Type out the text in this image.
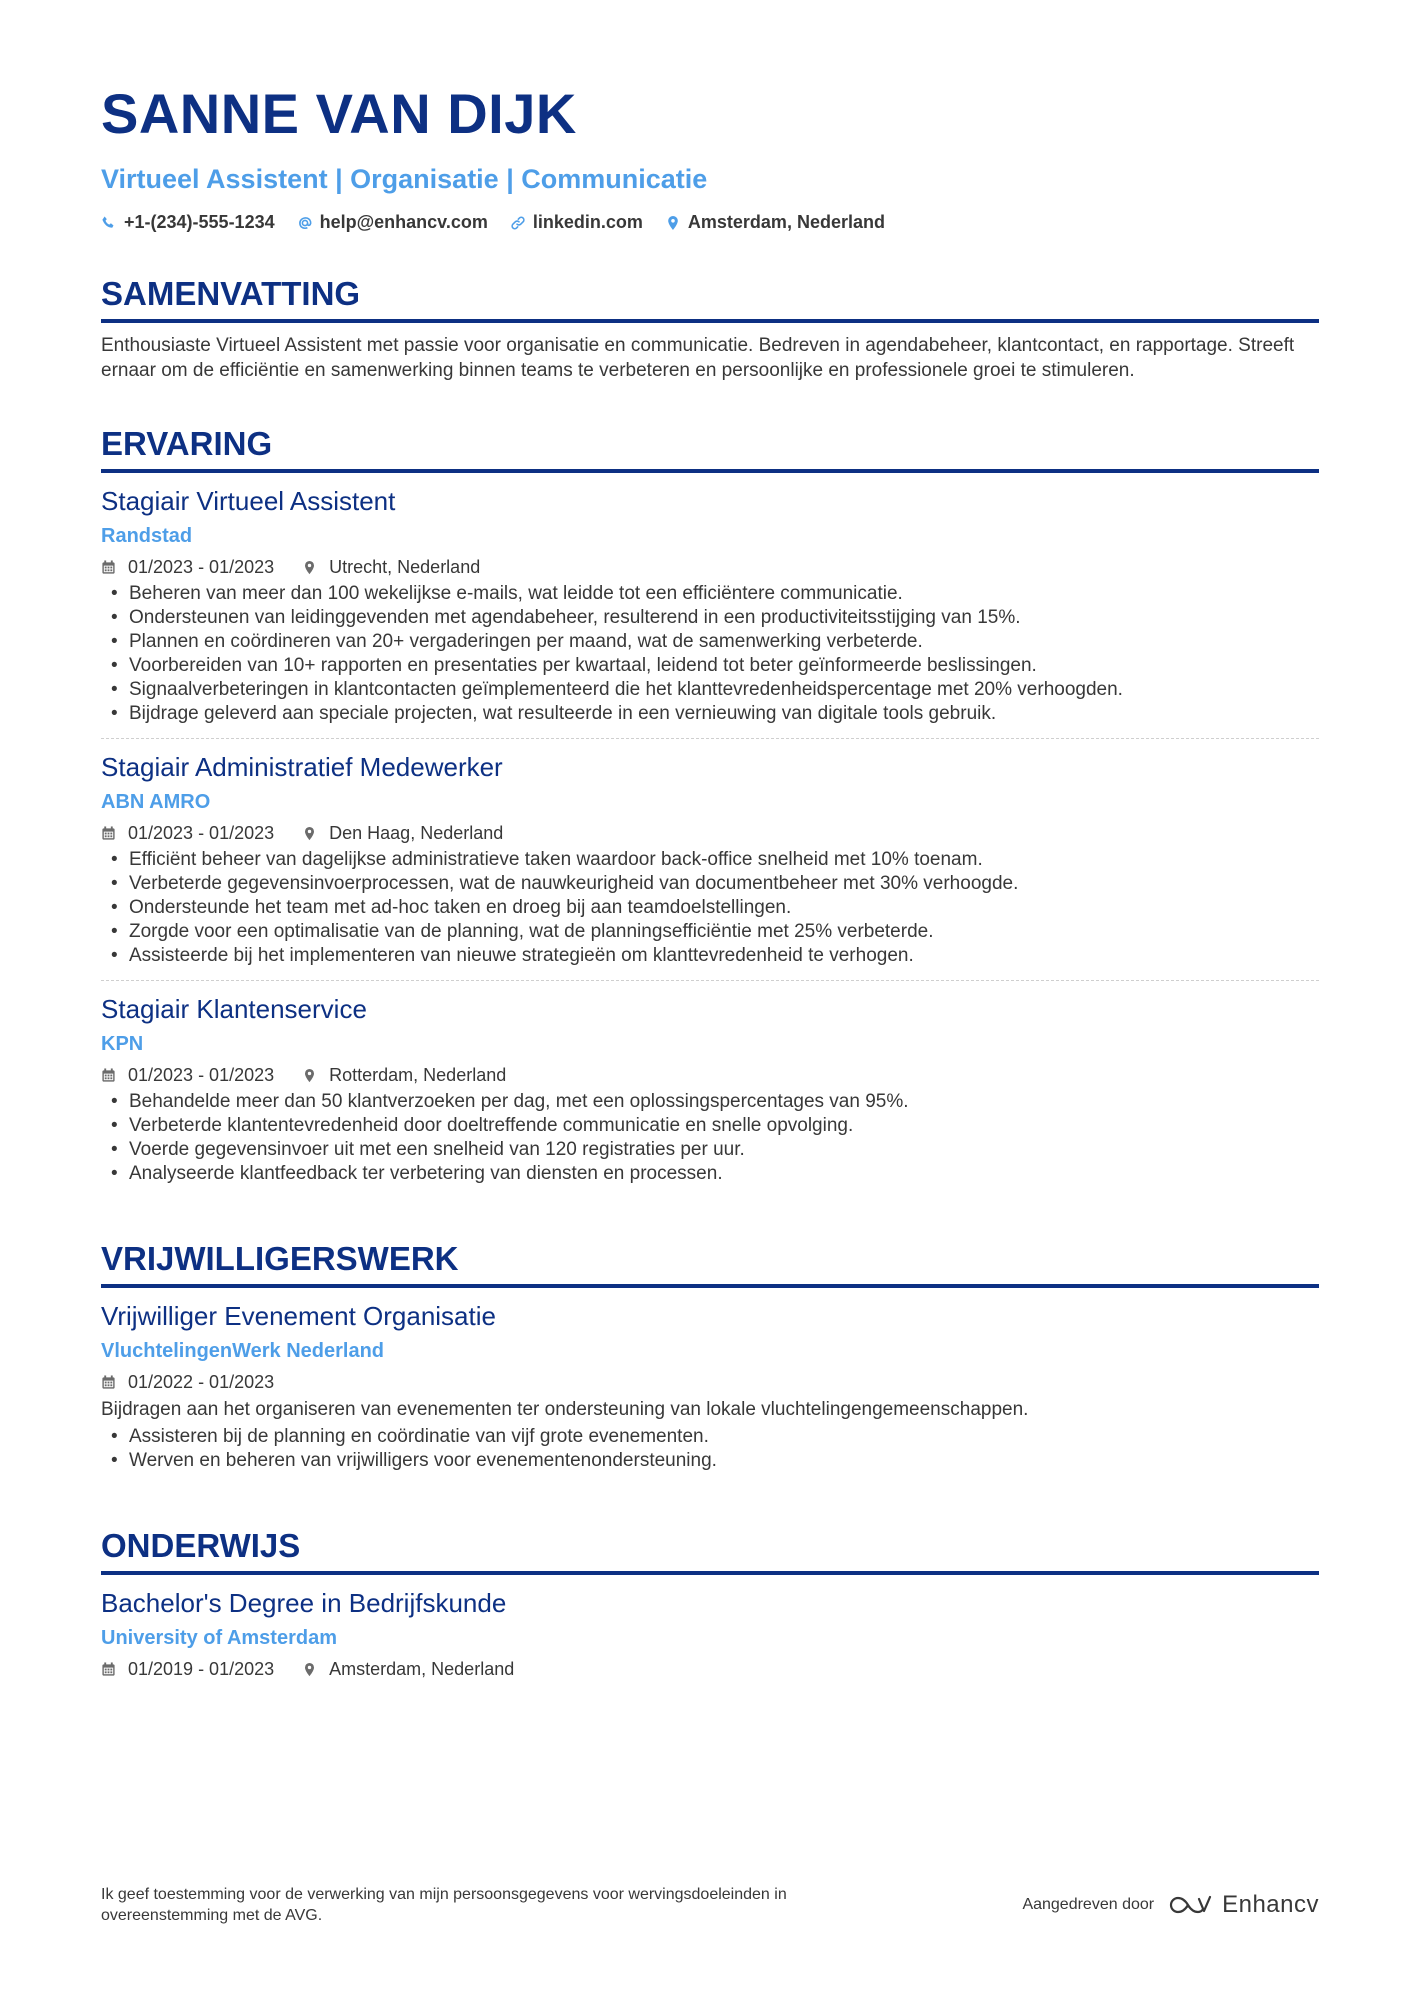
SANNE VAN DIJK
Virtueel Assistent | Organisatie | Communicatie
+1-(234)-555-1234	help@enhancv.com	linkedin.com	Amsterdam, Nederland
SAMENVATTING
Enthousiaste Virtueel Assistent met passie voor organisatie en communicatie. Bedreven in agendabeheer, klantcontact, en rapportage. Streeft ernaar om de efficiëntie en samenwerking binnen teams te verbeteren en persoonlijke en professionele groei te stimuleren.
ERVARING
Stagiair Virtueel Assistent
Randstad
01/2023 - 01/2023	Utrecht, Nederland
• Beheren van meer dan 100 wekelijkse e-mails, wat leidde tot een efficiëntere communicatie.
• Ondersteunen van leidinggevenden met agendabeheer, resulterend in een productiviteitsstijging van 15%.
• Plannen en coördineren van 20+ vergaderingen per maand, wat de samenwerking verbeterde.
• Voorbereiden van 10+ rapporten en presentaties per kwartaal, leidend tot beter geïnformeerde beslissingen.
• Signaalverbeteringen in klantcontacten geïmplementeerd die het klanttevredenheidspercentage met 20% verhoogden.
• Bijdrage geleverd aan speciale projecten, wat resulteerde in een vernieuwing van digitale tools gebruik.
Stagiair Administratief Medewerker
ABN AMRO
01/2023 - 01/2023	Den Haag, Nederland
• Efficiënt beheer van dagelijkse administratieve taken waardoor back-office snelheid met 10% toenam.
• Verbeterde gegevensinvoerprocessen, wat de nauwkeurigheid van documentbeheer met 30% verhoogde.
• Ondersteunde het team met ad-hoc taken en droeg bij aan teamdoelstellingen.
• Zorgde voor een optimalisatie van de planning, wat de planningsefficiëntie met 25% verbeterde.
• Assisteerde bij het implementeren van nieuwe strategieën om klanttevredenheid te verhogen.
Stagiair Klantenservice
KPN
01/2023 - 01/2023	Rotterdam, Nederland
• Behandelde meer dan 50 klantverzoeken per dag, met een oplossingspercentages van 95%.
• Verbeterde klantentevredenheid door doeltreffende communicatie en snelle opvolging.
• Voerde gegevensinvoer uit met een snelheid van 120 registraties per uur.
• Analyseerde klantfeedback ter verbetering van diensten en processen.
VRIJWILLIGERSWERK
Vrijwilliger Evenement Organisatie
VluchtelingenWerk Nederland
01/2022 - 01/2023
Bijdragen aan het organiseren van evenementen ter ondersteuning van lokale vluchtelingengemeenschappen.
• Assisteren bij de planning en coördinatie van vijf grote evenementen.
• Werven en beheren van vrijwilligers voor evenementenondersteuning.
ONDERWIJS
Bachelor's Degree in Bedrijfskunde
University of Amsterdam
01/2019 - 01/2023	Amsterdam, Nederland
Ik geef toestemming voor de verwerking van mijn persoonsgegevens voor wervingsdoeleinden in overeenstemming met de AVG.
Aangedreven door	Enhancv
